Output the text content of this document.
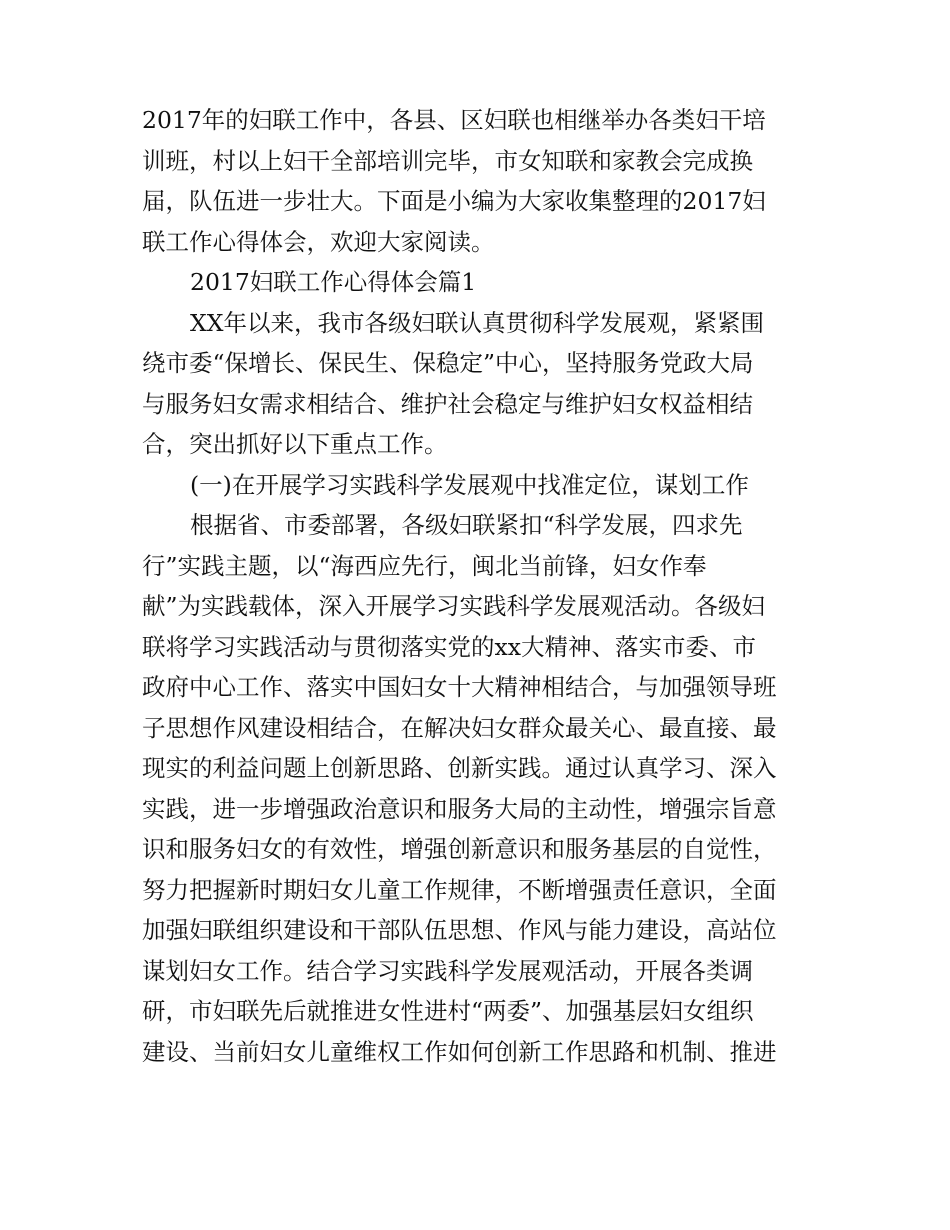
2017年的妇联工作中，各县、区妇联也相继举办各类妇干培
训班，村以上妇干全部培训完毕，市女知联和家教会完成换
届，队伍进一步壮大。下面是小编为大家收集整理的2017妇
联工作心得体会，欢迎大家阅读。
2017妇联工作心得体会篇1
XX年以来，我市各级妇联认真贯彻科学发展观，紧紧围
绕市委“保增长、保民生、保稳定”中心，坚持服务党政大局
与服务妇女需求相结合、维护社会稳定与维护妇女权益相结
合，突出抓好以下重点工作。
(一)在开展学习实践科学发展观中找准定位，谋划工作
根据省、市委部署，各级妇联紧扣“科学发展，四求先
行”实践主题，以“海西应先行，闽北当前锋，妇女作奉
献”为实践载体，深入开展学习实践科学发展观活动。各级妇
联将学习实践活动与贯彻落实党的xx大精神、落实市委、市
政府中心工作、落实中国妇女十大精神相结合，与加强领导班
子思想作风建设相结合，在解决妇女群众最关心、最直接、最
现实的利益问题上创新思路、创新实践。通过认真学习、深入
实践，进一步增强政治意识和服务大局的主动性，增强宗旨意
识和服务妇女的有效性，增强创新意识和服务基层的自觉性，
努力把握新时期妇女儿童工作规律，不断增强责任意识，全面
加强妇联组织建设和干部队伍思想、作风与能力建设，高站位
谋划妇女工作。结合学习实践科学发展观活动，开展各类调
研，市妇联先后就推进女性进村“两委”、加强基层妇女组织
建设、当前妇女儿童维权工作如何创新工作思路和机制、推进
